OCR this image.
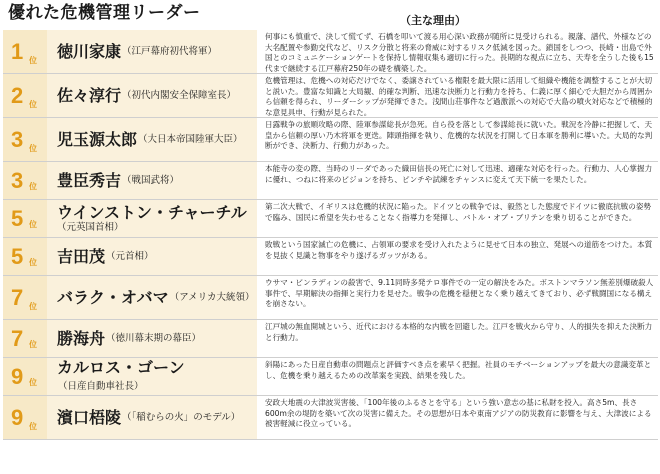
優れた危機管理リーダー	（主な理由）
1 位 徳川家康 （江戸幕府初代将軍）

何事にも慎重で、決して慌てず、石橋を叩いて渡る用心深い政務が随所に見受けられる。親藩、譜代、外様などの大名配置や参勤交代など、リスク分散と将来の脅威に対するリスク低減を図った。鎖国をしつつ、長崎・出島で外国とのコミュニケーションゲートを保持し情報収集も適切に行った。長期的な視点に立ち、天寿を全うした後も15代まで継続する江戸幕府250年の礎を構築した。

2 位 佐々淳行 （初代内閣安全保障室長）

危機管理は、危機への対応だけでなく、委譲されている権限を最大限に活用して組織や機能を調整することが大切と説いた。豊富な知識と大局観、的確な判断、迅速な決断力と行動力を持ち、仁義に厚く細心で大胆だから周囲から信頼を得られ、リーダーシップが発揮できた。浅間山荘事件など過激派への対応で大島の噴火対応などで積極的な意見具申、行動が見られた。

3 位 児玉源太郎 （大日本帝国陸軍大臣）

日露戦争の旅順攻略の際、陸軍参謀総長が急死。自ら役を落として参謀総長に就いた。戦況を冷静に把握して、天皇から信頼の厚い乃木将軍を更迭。陣頭指揮を執り、危機的な状況を打開して日本軍を勝利に導いた。大局的な判断ができ、決断力、行動力があった。

3 位 豊臣秀吉 （戦国武将）

本能寺の変の際、当時のリーダであった織田信長の死亡に対して迅速、適確な対応を行った。行動力、人心掌握力に優れ、つねに将来のビジョンを持ち、ピンチや試練をチャンスに変えて天下統一を果たした。

5 位
ウインストン・チャーチル
（元英国首相）

第二次大戦で、イギリスは危機的状況に陥った。ドイツとの戦争では、毅然とした態度でドイツに徹底抗戦の姿勢で臨み、国民に希望を失わせることなく指導力を発揮し、バトル・オブ・ブリテンを乗り切ることができた。

5 位 吉田茂 （元首相）

敗戦という国家滅亡の危機に、占領軍の要求を受け入れたように見せて日本の独立、発展への道筋をつけた。本質を見抜く見識と物事をやり遂げるガッツがある。

7 位 バラク・オバマ （アメリカ大統領）

ウサマ・ビンラディンの殺害で、9.11同時多発テロ事件での一定の解決をみた。ボストンマラソン無差別爆破殺人事件で、早期解決の指揮と実行力を見せた。戦争の危機を穏便となく乗り越えてきており、必ず戦闘国になる構えを崩さない。

7 位 勝海舟 （徳川幕末期の幕臣）

江戸城の無血開城という、近代における本格的な内戦を回避した。江戸を戦火から守り、人的損失を抑えた決断力と行動力。

9 位
カルロス・ゴーン
（日産自動車社長）

斜陽にあった日産自動車の問題点と評価すべき点を素早く把握。社員のモチベーションアップを最大の意識変革とし、危機を乗り越えるための改革案を実践、結果を残した。

9 位 濱口梧陵 （「稲むらの火」のモデル）

安政大地震の大津波災害後、「100年後のふるさとを守る」という強い意志の基に私財を投入。高さ5m、長さ600m余の堤防を築いて次の災害に備えた。その思想が日本や東南アジアの防災教育に影響を与え、大津波による被害軽減に役立っている。
